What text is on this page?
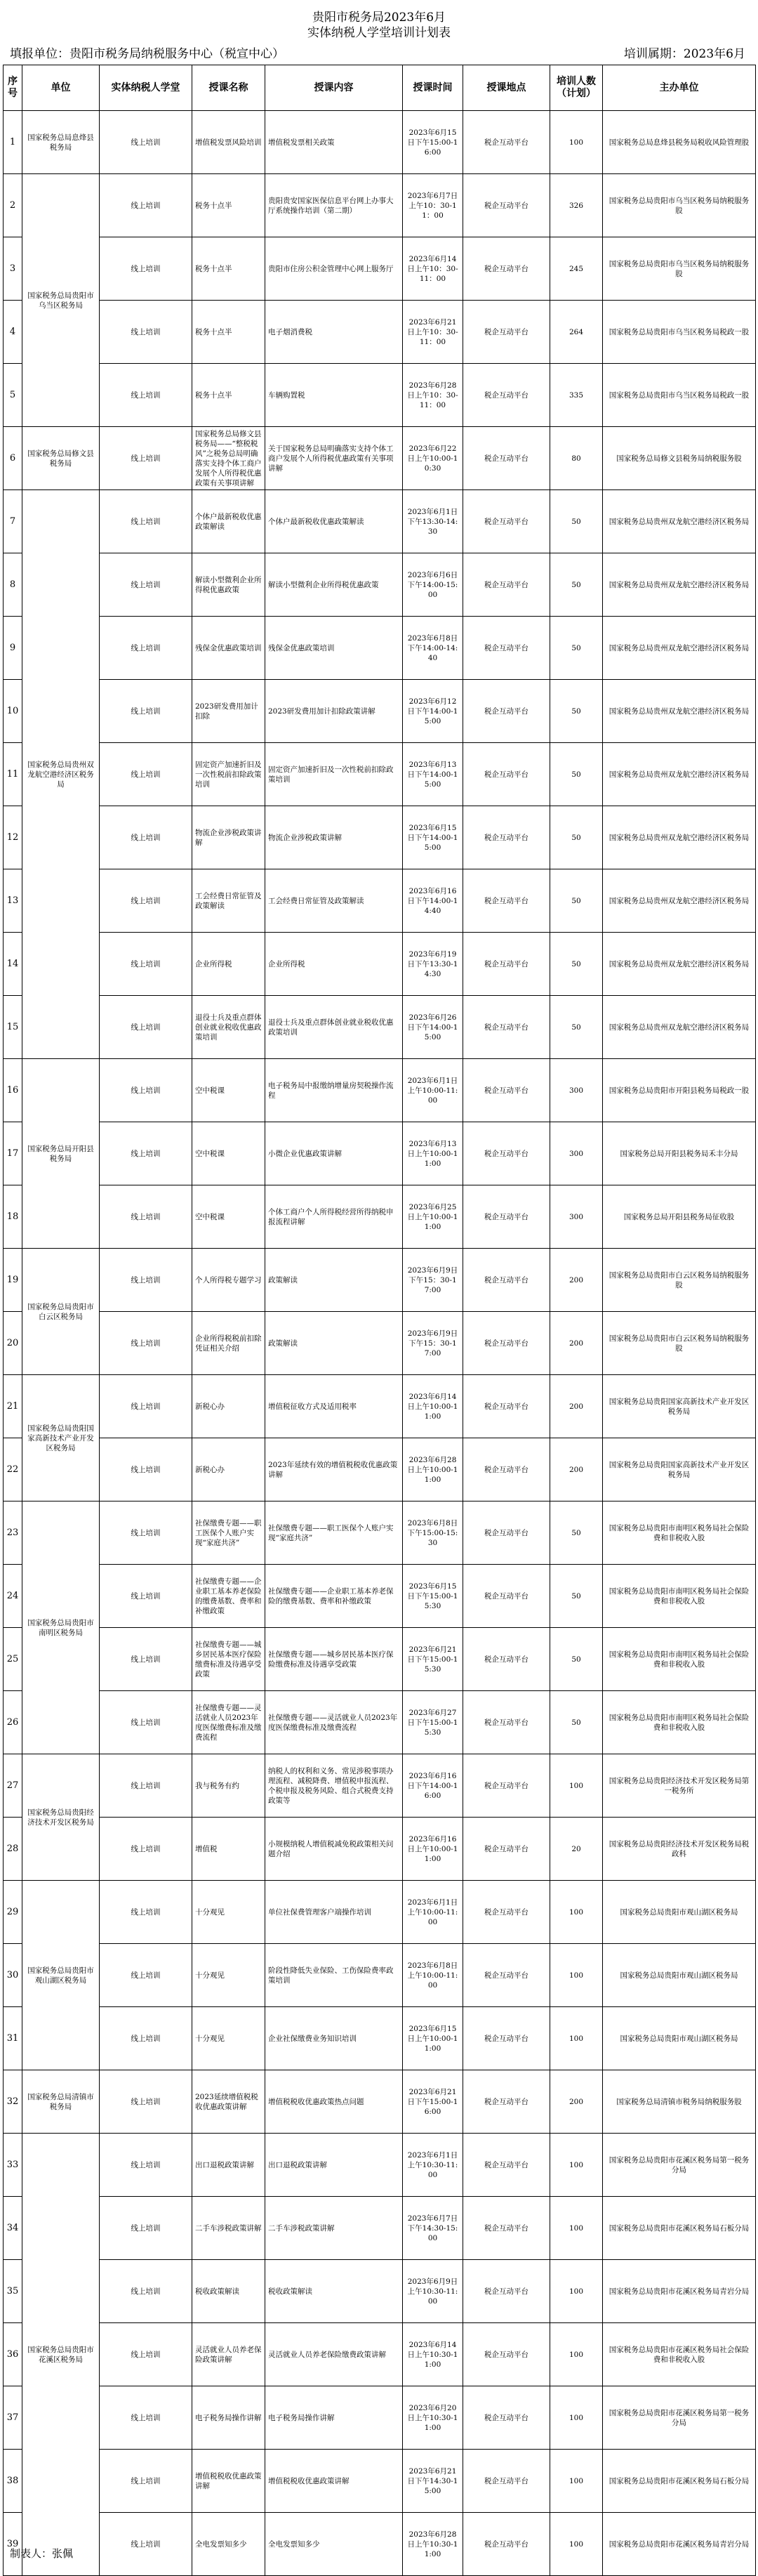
贵阳市税务局2023年6月
实体纳税人学堂培训计划表
填报单位：贵阳市税务局纳税服务中心（税宣中心）	培训属期：2023年6月
序号	单位	实体纳税人学堂	授课名称	授课内容	授课时间	授课地点	培训人数（计划）	主办单位
1	国家税务总局息烽县税务局	线上培训	增值税发票风险培训	增值税发票相关政策	2023年6月15日下午15:00-16:00	税企互动平台	100	国家税务总局息烽县税务局税收风险管理股
2	国家税务总局贵阳市乌当区税务局	线上培训	税务十点半	贵阳贵安国家医保信息平台网上办事大厅系统操作培训（第二期）	2023年6月7日上午10：30-11：00	税企互动平台	326	国家税务总局贵阳市乌当区税务局纳税服务股
3		线上培训	税务十点半	贵阳市住房公积金管理中心网上服务厅	2023年6月14日上午10：30-11：00	税企互动平台	245	国家税务总局贵阳市乌当区税务局纳税服务股
4		线上培训	税务十点半	电子烟消费税	2023年6月21日上午10：30-11：00	税企互动平台	264	国家税务总局贵阳市乌当区税务局税政一股
5		线上培训	税务十点半	车辆购置税	2023年6月28日上午10：30-11：00	税企互动平台	335	国家税务总局贵阳市乌当区税务局税政一股
6	国家税务总局修文县税务局	线上培训	国家税务总局修文县税务局——“整税税风”之税务总局明确落实支持个体工商户发展个人所得税优惠政策有关事项讲解	关于国家税务总局明确落实支持个体工商户发展个人所得税优惠政策有关事项讲解	2023年6月22日上午10:00-10:30	税企互动平台	80	国家税务总局修文县税务局纳税服务股
7	国家税务总局贵州双龙航空港经济区税务局	线上培训	个体户最新税收优惠政策解读	个体户最新税收优惠政策解读	2023年6月1日下午13:30-14:30	税企互动平台	50	国家税务总局贵州双龙航空港经济区税务局
8		线上培训	解读小型微利企业所得税优惠政策	解读小型微利企业所得税优惠政策	2023年6月6日下午14:00-15:00	税企互动平台	50	国家税务总局贵州双龙航空港经济区税务局
9		线上培训	残保金优惠政策培训	残保金优惠政策培训	2023年6月8日下午14:00-14:40	税企互动平台	50	国家税务总局贵州双龙航空港经济区税务局
10		线上培训	2023研发费用加计扣除	2023研发费用加计扣除政策讲解	2023年6月12日下午14:00-15:00	税企互动平台	50	国家税务总局贵州双龙航空港经济区税务局
11		线上培训	固定资产加速折旧及一次性税前扣除政策培训	固定资产加速折旧及一次性税前扣除政策培训	2023年6月13日下午14:00-15:00	税企互动平台	50	国家税务总局贵州双龙航空港经济区税务局
12		线上培训	物流企业涉税政策讲解	物流企业涉税政策讲解	2023年6月15日下午14:00-15:00	税企互动平台	50	国家税务总局贵州双龙航空港经济区税务局
13		线上培训	工会经费日常征管及政策解读	工会经费日常征管及政策解读	2023年6月16日下午14:00-14:40	税企互动平台	50	国家税务总局贵州双龙航空港经济区税务局
14		线上培训	企业所得税	企业所得税	2023年6月19日下午13:30-14:30	税企互动平台	50	国家税务总局贵州双龙航空港经济区税务局
15		线上培训	退役士兵及重点群体创业就业税收优惠政策培训	退役士兵及重点群体创业就业税收优惠政策培训	2023年6月26日下午14:00-15:00	税企互动平台	50	国家税务总局贵州双龙航空港经济区税务局
16	国家税务总局开阳县税务局	线上培训	空中税课	电子税务局中报缴纳增量房契税操作流程	2023年6月1日上午10:00-11:00	税企互动平台	300	国家税务总局贵阳市开阳县税务局税政一股
17		线上培训	空中税课	小微企业优惠政策讲解	2023年6月13日上午10:00-11:00	税企互动平台	300	国家税务总局开阳县税务局禾丰分局
18		线上培训	空中税课	个体工商户个人所得税经营所得纳税申报流程讲解	2023年6月25日上午10:00-11:00	税企互动平台	300	国家税务总局开阳县税务局征收股
19	国家税务总局贵阳市白云区税务局	线上培训	个人所得税专题学习	政策解读	2023年6月9日下午15：30-17:00	税企互动平台	200	国家税务总局贵阳市白云区税务局纳税服务股
20		线上培训	企业所得税税前扣除凭证相关介绍	政策解读	2023年6月9日下午15：30-17:00	税企互动平台	200	国家税务总局贵阳市白云区税务局纳税服务股
21	国家税务总局贵阳国家高新技术产业开发区税务局	线上培训	新税心办	增值税征收方式及适用税率	2023年6月14日上午10:00-11:00	税企互动平台	200	国家税务总局贵阳国家高新技术产业开发区税务局
22		线上培训	新税心办	2023年延续有效的增值税税收优惠政策讲解	2023年6月28日上午10:00-11:00	税企互动平台	200	国家税务总局贵阳国家高新技术产业开发区税务局
23	国家税务总局贵阳市南明区税务局	线上培训	社保缴费专题——职工医保个人账户实现“家庭共济”	社保缴费专题——职工医保个人账户实现“家庭共济”	2023年6月8日下午15:00-15:30	税企互动平台	50	国家税务总局贵阳市南明区税务局社会保险费和非税收入股
24		线上培训	社保缴费专题——企业职工基本养老保险的缴费基数、费率和补缴政策	社保缴费专题——企业职工基本养老保险的缴费基数、费率和补缴政策	2023年6月15日下午15:00-15:30	税企互动平台	50	国家税务总局贵阳市南明区税务局社会保险费和非税收入股
25		线上培训	社保缴费专题——城乡居民基本医疗保险缴费标准及待遇享受政策	社保缴费专题——城乡居民基本医疗保险缴费标准及待遇享受政策	2023年6月21日下午15:00-15:30	税企互动平台	50	国家税务总局贵阳市南明区税务局社会保险费和非税收入股
26		线上培训	社保缴费专题——灵活就业人员2023年度医保缴费标准及缴费流程	社保缴费专题——灵活就业人员2023年度医保缴费标准及缴费流程	2023年6月27日下午15:00-15:30	税企互动平台	50	国家税务总局贵阳市南明区税务局社会保险费和非税收入股
27	国家税务总局贵阳经济技术开发区税务局	线上培训	我与税务有约	纳税人的权利和义务、常见涉税事项办理流程、减税降费、增值税申报流程、个税申报及税务风险、组合式税费支持政策等	2023年6月16日下午14:00-16:00	税企互动平台	100	国家税务总局贵阳经济技术开发区税务局第一税务所
28		线上培训	增值税	小规模纳税人增值税减免税政策相关问题介绍	2023年6月16日上午10:00-11:00	税企互动平台	20	国家税务总局贵阳经济技术开发区税务局税政科
29	国家税务总局贵阳市观山湖区税务局	线上培训	十分观见	单位社保费管理客户端操作培训	2023年6月1日上午10:00-11:00	税企互动平台	100	国家税务总局贵阳市观山湖区税务局
30		线上培训	十分观见	阶段性降低失业保险、工伤保险费率政策培训	2023年6月8日上午10:00-11:00	税企互动平台	100	国家税务总局贵阳市观山湖区税务局
31		线上培训	十分观见	企业社保缴费业务知识培训	2023年6月15日上午10:00-11:00	税企互动平台	100	国家税务总局贵阳市观山湖区税务局
32	国家税务总局清镇市税务局	线上培训	2023延续增值税税收优惠政策讲解	增值税税收优惠政策热点问题	2023年6月21日下午15:00-16:00	税企互动平台	200	国家税务总局清镇市税务局纳税服务股
33	国家税务总局贵阳市花溪区税务局	线上培训	出口退税政策讲解	出口退税政策讲解	2023年6月1日上午10:30-11:00	税企互动平台	100	国家税务总局贵阳市花溪区税务局第一税务分局
34		线上培训	二手车涉税政策讲解	二手车涉税政策讲解	2023年6月7日下午14:30-15:00	税企互动平台	100	国家税务总局贵阳市花溪区税务局石板分局
35		线上培训	税收政策解读	税收政策解读	2023年6月9日上午10:30-11:00	税企互动平台	100	国家税务总局贵阳市花溪区税务局青岩分局
36		线上培训	灵活就业人员养老保险政策讲解	灵活就业人员养老保险缴费政策讲解	2023年6月14日上午10:30-11:00	税企互动平台	100	国家税务总局贵阳市花溪区税务局社会保险费和非税收入股
37		线上培训	电子税务局操作讲解	电子税务局操作讲解	2023年6月20日上午10:30-11:00	税企互动平台	100	国家税务总局贵阳市花溪区税务局第一税务分局
38		线上培训	增值税税收优惠政策讲解	增值税税收优惠政策讲解	2023年6月21日下午14:30-15:00	税企互动平台	100	国家税务总局贵阳市花溪区税务局石板分局
39		线上培训	全电发票知多少	全电发票知多少	2023年6月28日上午10:30-11:00	税企互动平台	100	国家税务总局贵阳市花溪区税务局青岩分局
制表人：张佩
